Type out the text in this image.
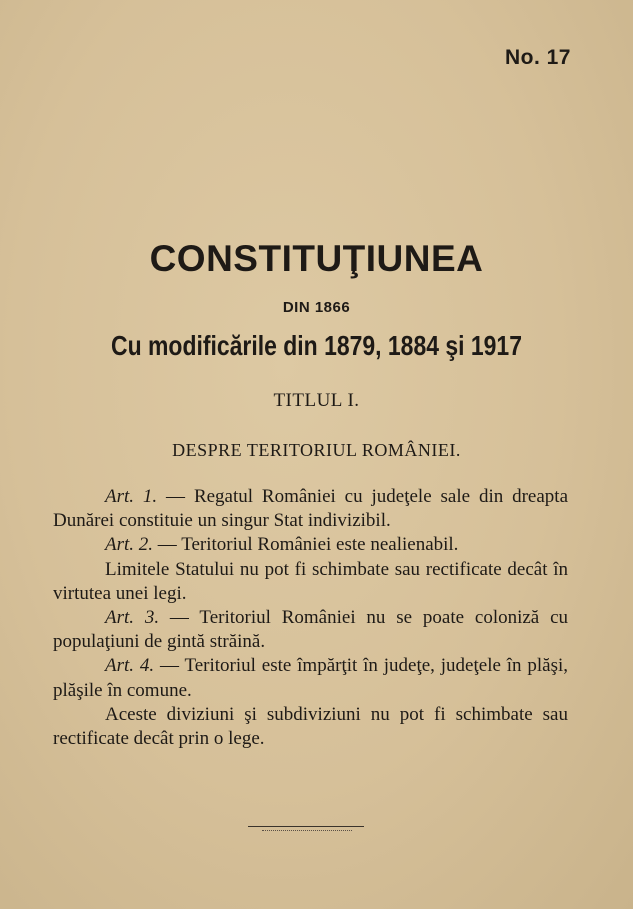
No. 17
CONSTITUŢIUNEA
DIN 1866
Cu modificările din 1879, 1884 şi 1917
TITLUL I.
DESPRE TERITORIUL ROMÂNIEI.

Art. 1. — Regatul României cu judeţele sale din dreapta Dunărei constituie un singur Stat indivizibil.

Art. 2. — Teritoriul României este nealienabil.

Limitele Statului nu pot fi schimbate sau rectificate decât în virtutea unei legi.

Art. 3. — Teritoriul României nu se poate coloniză cu populaţiuni de gintă străină.

Art. 4. — Teritoriul este împărţit în judeţe, judeţele în plăşi, plăşile în comune.

Aceste diviziuni şi subdiviziuni nu pot fi schimbate sau rectificate decât prin o lege.
